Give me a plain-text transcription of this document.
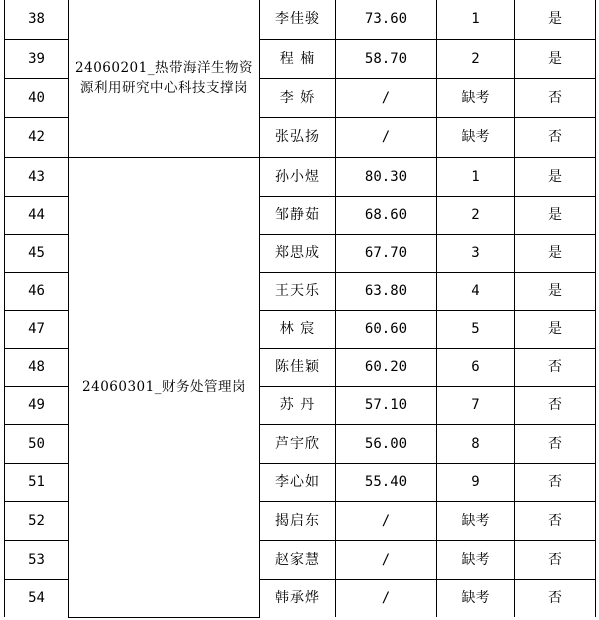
38	24060201_热带海洋生物资源利用研究中心科技支撑岗	李佳骏	73.60	1	是
39		程 楠	58.70	2	是
40		李 娇	/	缺考	否
42		张弘扬	/	缺考	否
43	24060301_财务处管理岗	孙小煜	80.30	1	是
44		邹静茹	68.60	2	是
45		郑思成	67.70	3	是
46		王天乐	63.80	4	是
47		林 宸	60.60	5	是
48		陈佳颖	60.20	6	否
49		苏 丹	57.10	7	否
50		芦宇欣	56.00	8	否
51		李心如	55.40	9	否
52		揭启东	/	缺考	否
53		赵家慧	/	缺考	否
54		韩承烨	/	缺考	否
